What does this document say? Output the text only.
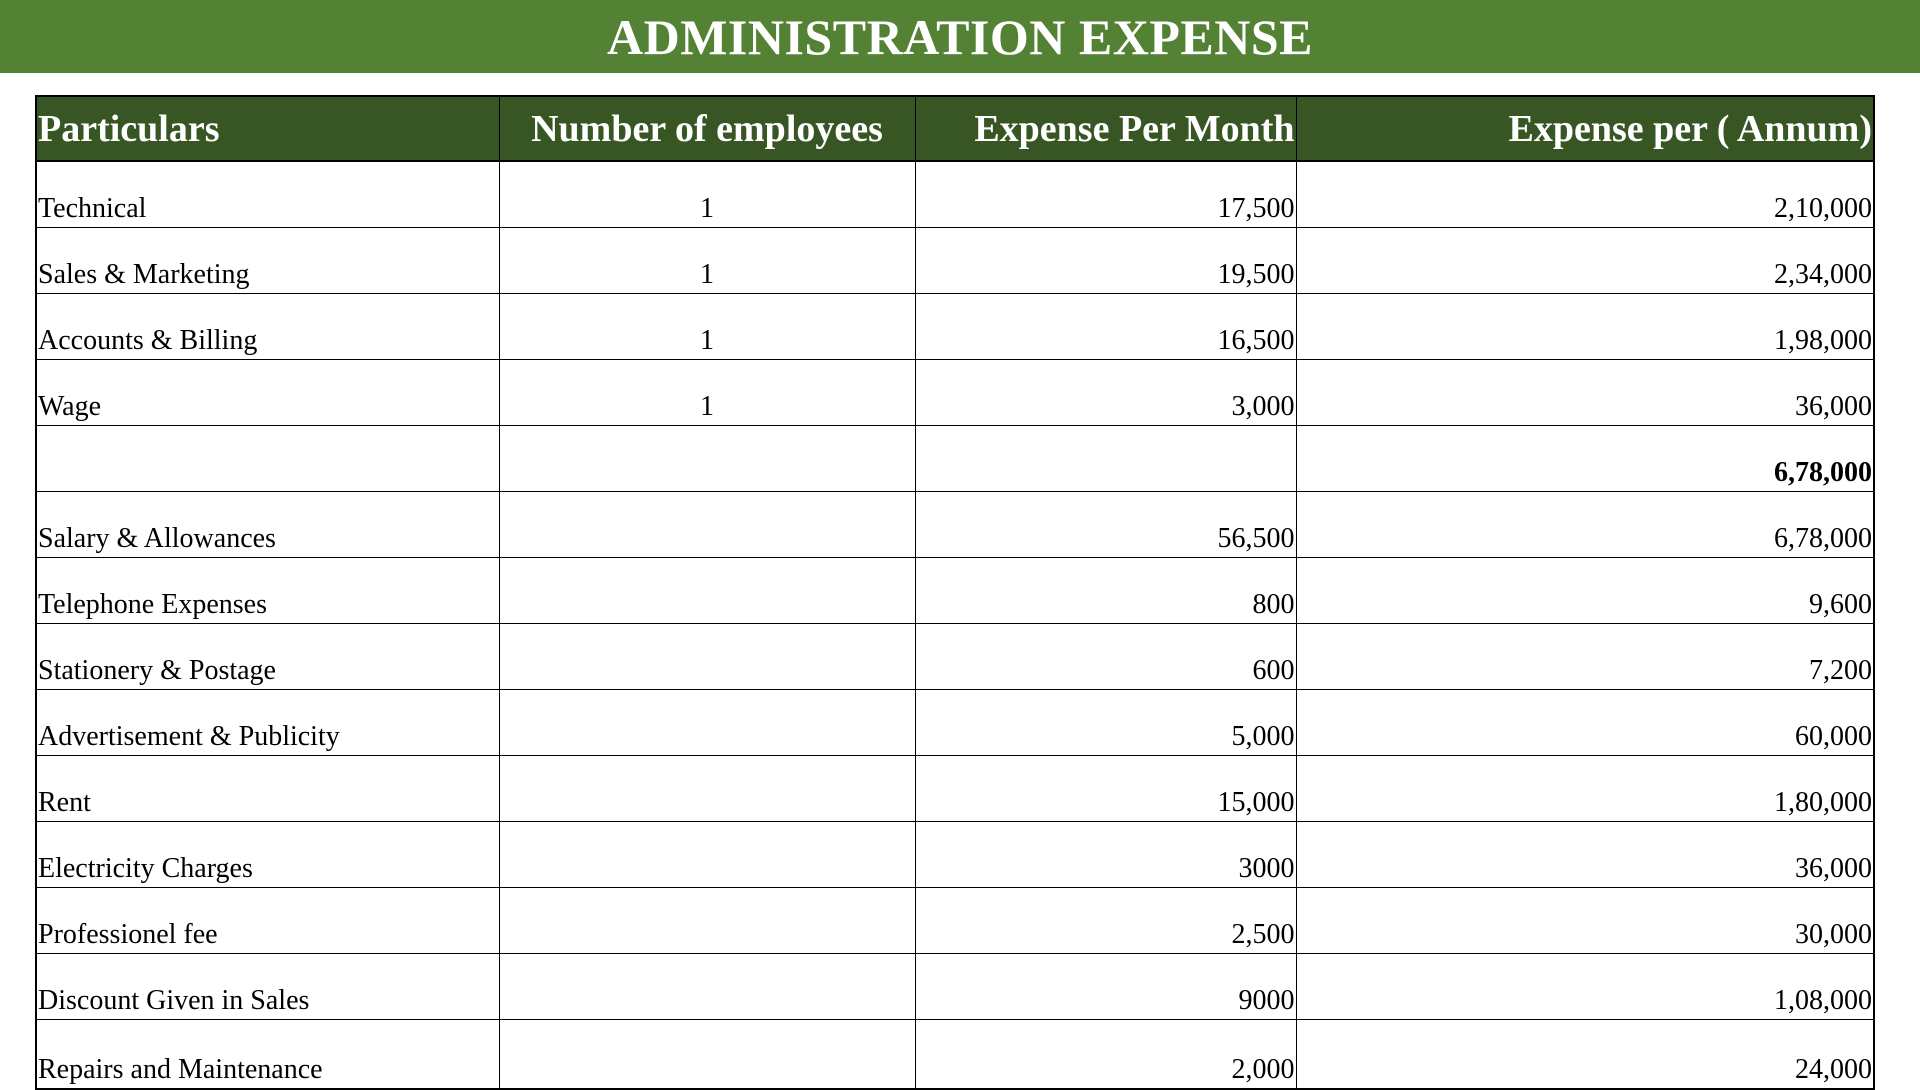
ADMINISTRATION EXPENSE
Particulars	Number of employees	Expense Per Month	Expense per ( Annum)
Technical	1	17,500	2,10,000
Sales & Marketing	1	19,500	2,34,000
Accounts & Billing	1	16,500	1,98,000
Wage	1	3,000	36,000
			6,78,000
Salary & Allowances		56,500	6,78,000
Telephone Expenses		800	9,600
Stationery & Postage		600	7,200
Advertisement & Publicity		5,000	60,000
Rent		15,000	1,80,000
Electricity Charges		3000	36,000
Professionel fee		2,500	30,000
Discount Given in Sales		9000	1,08,000
Repairs and Maintenance		2,000	24,000
